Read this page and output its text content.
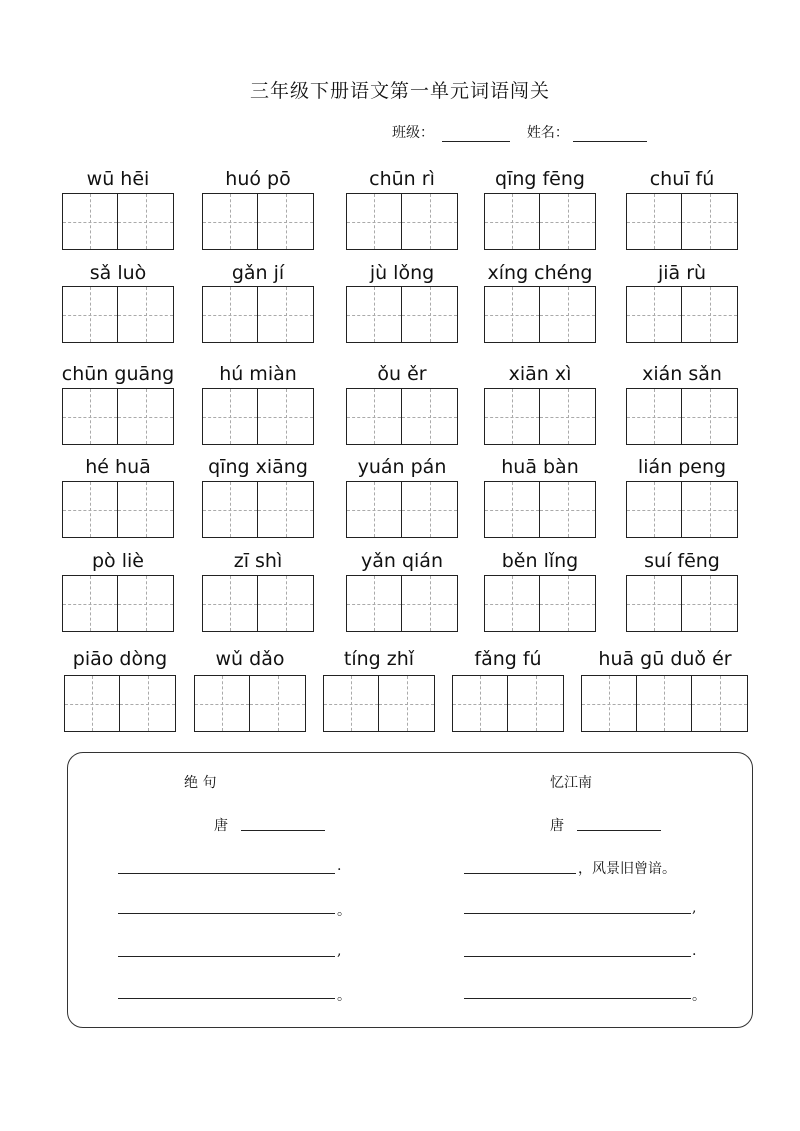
三年级下册语文第一单元词语闯关
班级：	姓名：
wū hēi	huó pō	chūn rì	qīng fēng	chuī fú
sǎ luò	gǎn jí	jù lǒng	xíng chéng	jiā rù
chūn guāng	hú miàn	ǒu ěr	xiān xì	xián sǎn
hé huā	qīng xiāng	yuán pán	huā bàn	lián peng
pò liè	zī shì	yǎn qián	běn lǐng	suí fēng
piāo dòng	wǔ dǎo	tíng zhǐ	fǎng fú	huā gū duǒ ér
绝 句
唐
.
。
,
。
忆江南
唐
，风景旧曾谙。
,
.
。
